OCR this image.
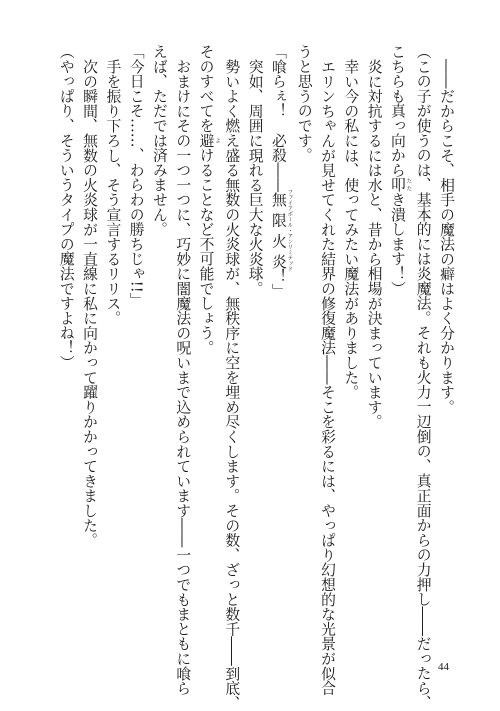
――だからこそ、相手の魔法の癖はよく分かります。
（この子が使うのは、基本的には炎魔法。それも火力一辺倒の、真正面からの力押し――だったら、
こちらも真っ向から叩 たたき潰します！）
炎に対抗するには水と、昔から相場が決まっています。
幸い今の私には、使ってみたい魔法がありました。
エリンちゃんが見せてくれた結界の修復魔法――そこを彩るには、やっぱり幻想的な光景が似合
うと思うのです。
「喰らぇ！　必殺――無限火炎 ファイアボール・アンリミテッド！」
突如、周囲に現れる巨大な火炎球。
勢いよく燃え盛る無数の火炎球が、無秩序に空を埋め尽くします。その数、ざっと数千――到底、
そのすべてを避 よけることなど不可能でしょう。
おまけにその一つ一つに、巧妙に闇魔法の呪いまで込められています――一つでもまともに喰ら
えば、ただでは済みません。
「今日こそ……、わらわの勝ちじゃ!!」
手を振り下ろし、そう宣言するリリス。
次の瞬間、無数の火炎球が一直線に私に向かって躍りかかってきました。
（やっぱり、そういうタイプの魔法ですよね！）
44
